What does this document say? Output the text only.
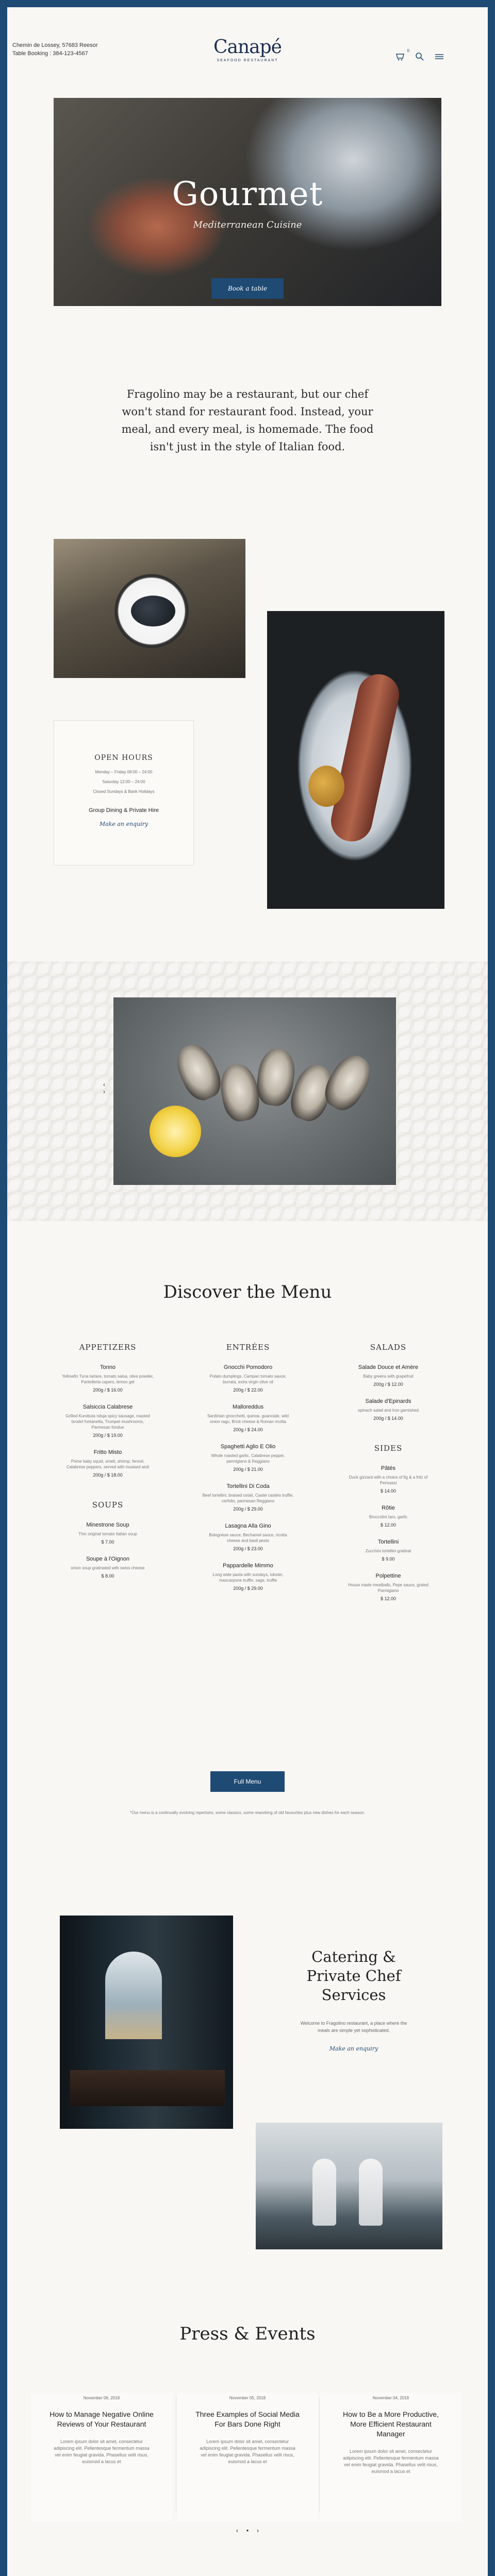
Chemin de Lossey, 57683 Reesor
Table Booking : 384-123-4567	Canapé
SEAFOOD RESTAURANT
0
Gourmet
Mediterranean Cuisine
Book a table
Fragolino may be a restaurant, but our chef won't stand for restaurant food. Instead, your meal, and every meal, is homemade. The food isn't just in the style of Italian food.
OPEN HOURS
Monday – Friday 08:00 – 24:00
Saturday 12:00 – 24:00
Closed Sundays & Bank Holidays
Group Dining & Private Hire
Make an enquiry
‹
›
Discover the Menu
APPETIZERS
Tonno
Yellowfin Tuna tartare, tomato salsa, olive powder, Pantelleria capers, lemon gel
200g / $ 16.00
Salsiccia Calabrese
Grilled Kurobuta nduja spicy sausage, roasted brodet fontanetta, Trumpet mushrooms, Parmesan fondue
200g / $ 19.00
Fritto Misto
Prime baby squid, smelt, shrimp, fennel, Calabrese peppers, served with mustard aioli
200g / $ 18.00
SOUPS
Minestrone Soup
Thin original tomato Italian soup
$ 7.00
Soupe à l'Oignon
onion soup gratinated with swiss cheese
$ 8.00
ENTRÉES
Gnocchi Pomodoro
Potato dumplings, Campari tomato sauce, burrata, extra virgin olive oil
200g / $ 22.00
Malloreddus
Sardinian gnocchetti, quinoa, guanciale, wild onion ragu, Brick cheese & Roman ricotta
200g / $ 24.00
Spaghetti Aglio E Olio
Whole roasted garlic, Calabrese pepper, parmigiano & Reggiano
200g / $ 21.00
Tortellini Di Coda
Beef tortellini, braised oxtail, Castel castelo truffle, cerfolio, parmesan Reggiano
200g / $ 29.00
Lasagna Alla Gino
Bolognese sauce, Bechamel sauce, ricotta cheese and basil pesto
200g / $ 23.00
Pappardelle Mimmo
Long wide pasta with sundays, lobster, mascarpone truffle, sage, truffle
200g / $ 29.00
SALADS
Salade Douce et Amère
Baby greens with grapefruit
200g / $ 12.00
Salade d'Epinards
spinach salad and Iron garnished
200g / $ 14.00
SIDES
Pâtés
Duck gizzard with a choice of fig & a fritz of Perivassi
$ 14.00
Rôtie
Broccolini taro, garlic
$ 12.00
Tortellini
Zucchini tortellini gratinat
$ 9.00
Polpettine
House made meatballs, Pepe sauce, grated Parmigiano
$ 12.00
Full Menu
*Our menu is a continually evolving repertoire, some classics, some reworking of old favourites plus new dishes for each season.
Catering & Private Chef Services
Welcome to Fragolino restaurant, a place where the meals are simple yet sophisticated.
Make an enquiry
Press & Events
November 06, 2018
How to Manage Negative Online Reviews of Your Restaurant
Lorem ipsum dolor sit amet, consectetur adipiscing elit. Pellentesque fermentum massa vel enim feugiat gravida. Phasellus velit risus, euismod a lacus et
November 05, 2018
Three Examples of Social Media For Bars Done Right
Lorem ipsum dolor sit amet, consectetur adipiscing elit. Pellentesque fermentum massa vel enim feugiat gravida. Phasellus velit risus, euismod a lacus et
November 04, 2018
How to Be a More Productive, More Efficient Restaurant Manager
Lorem ipsum dolor sit amet, consectetur adipiscing elit. Pellentesque fermentum massa vel enim feugiat gravida. Phasellus velit risus, euismod a lacus et
‹ • ›
